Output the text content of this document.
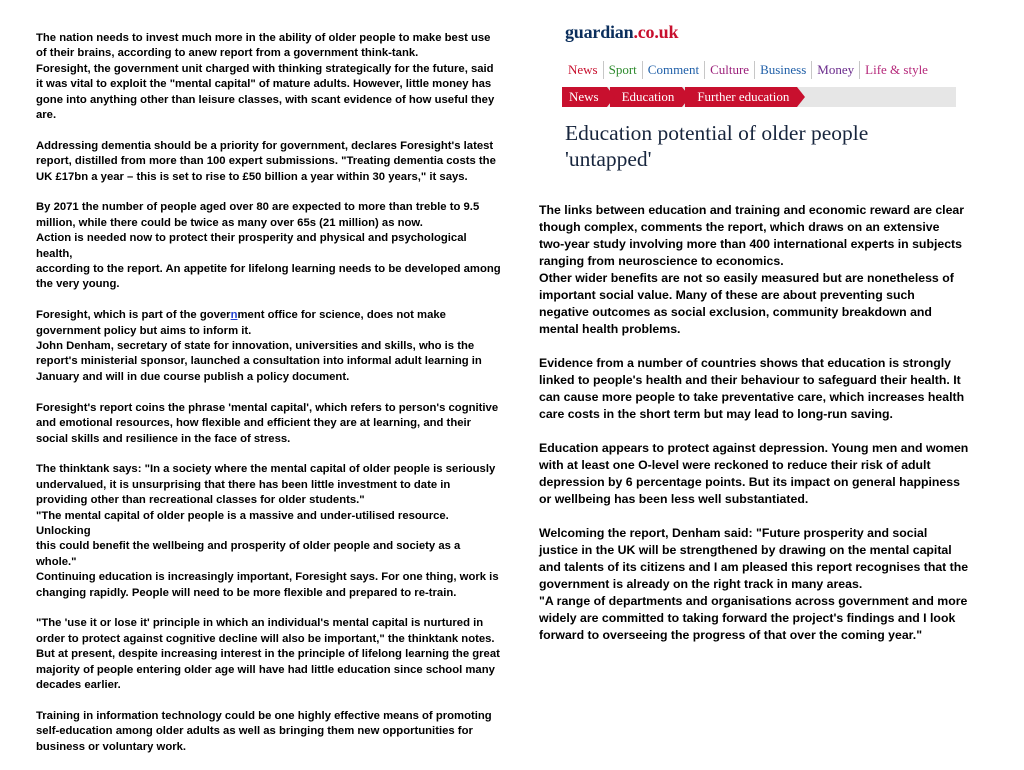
The nation needs to invest much more in the ability of older people to make best use
of their brains, according to anew report from a government think-tank.
Foresight, the government unit charged with thinking strategically for the future, said
it was vital to exploit the "mental capital" of mature adults. However, little money has
gone into anything other than leisure classes, with scant evidence of how useful they
are.

Addressing dementia should be a priority for government, declares Foresight's latest
report, distilled from more than 100 expert submissions. "Treating dementia costs the
UK £17bn a year – this is set to rise to £50 billion a year within 30 years," it says.

By 2071 the number of people aged over 80 are expected to more than treble to 9.5
million, while there could be twice as many over 65s (21 million) as now.
Action is needed now to protect their prosperity and physical and psychological health,
according to the report. An appetite for lifelong learning needs to be developed among
the very young.

Foresight, which is part of the government office for science, does not make
government policy but aims to inform it.
John Denham, secretary of state for innovation, universities and skills, who is the
report's ministerial sponsor, launched a consultation into informal adult learning in
January and will in due course publish a policy document.

Foresight's report coins the phrase 'mental capital', which refers to person's cognitive
and emotional resources, how flexible and efficient they are at learning, and their
social skills and resilience in the face of stress.

The thinktank says: "In a society where the mental capital of older people is seriously
undervalued, it is unsurprising that there has been little investment to date in
providing other than recreational classes for older students."
"The mental capital of older people is a massive and under-utilised resource. Unlocking
this could benefit the wellbeing and prosperity of older people and society as a
whole."
Continuing education is increasingly important, Foresight says. For one thing, work is
changing rapidly. People will need to be more flexible and prepared to re-train.

"The 'use it or lose it' principle in which an individual's mental capital is nurtured in
order to protect against cognitive decline will also be important," the thinktank notes.
But at present, despite increasing interest in the principle of lifelong learning the great
majority of people entering older age will have had little education since school many
decades earlier.

Training in information technology could be one highly effective means of promoting
self-education among older adults as well as bringing them new opportunities for
business or voluntary work.

guardian.co.uk
News Sport Comment Culture Business Money Life & style
News	Education	Further education
Education potential of older people 'untapped'

The links between education and training and economic reward are clear
though complex, comments the report, which draws on an extensive
two-year study involving more than 400 international experts in subjects
ranging from neuroscience to economics.
Other wider benefits are not so easily measured but are nonetheless of
important social value. Many of these are about preventing such
negative outcomes as social exclusion, community breakdown and
mental health problems.

Evidence from a number of countries shows that education is strongly
linked to people's health and their behaviour to safeguard their health. It
can cause more people to take preventative care, which increases health
care costs in the short term but may lead to long-run saving.

Education appears to protect against depression. Young men and women
with at least one O-level were reckoned to reduce their risk of adult
depression by 6 percentage points. But its impact on general happiness
or wellbeing has been less well substantiated.

Welcoming the report, Denham said: "Future prosperity and social
justice in the UK will be strengthened by drawing on the mental capital
and talents of its citizens and I am pleased this report recognises that the
government is already on the right track in many areas.
"A range of departments and organisations across government and more
widely are committed to taking forward the project's findings and I look
forward to overseeing the progress of that over the coming year."
